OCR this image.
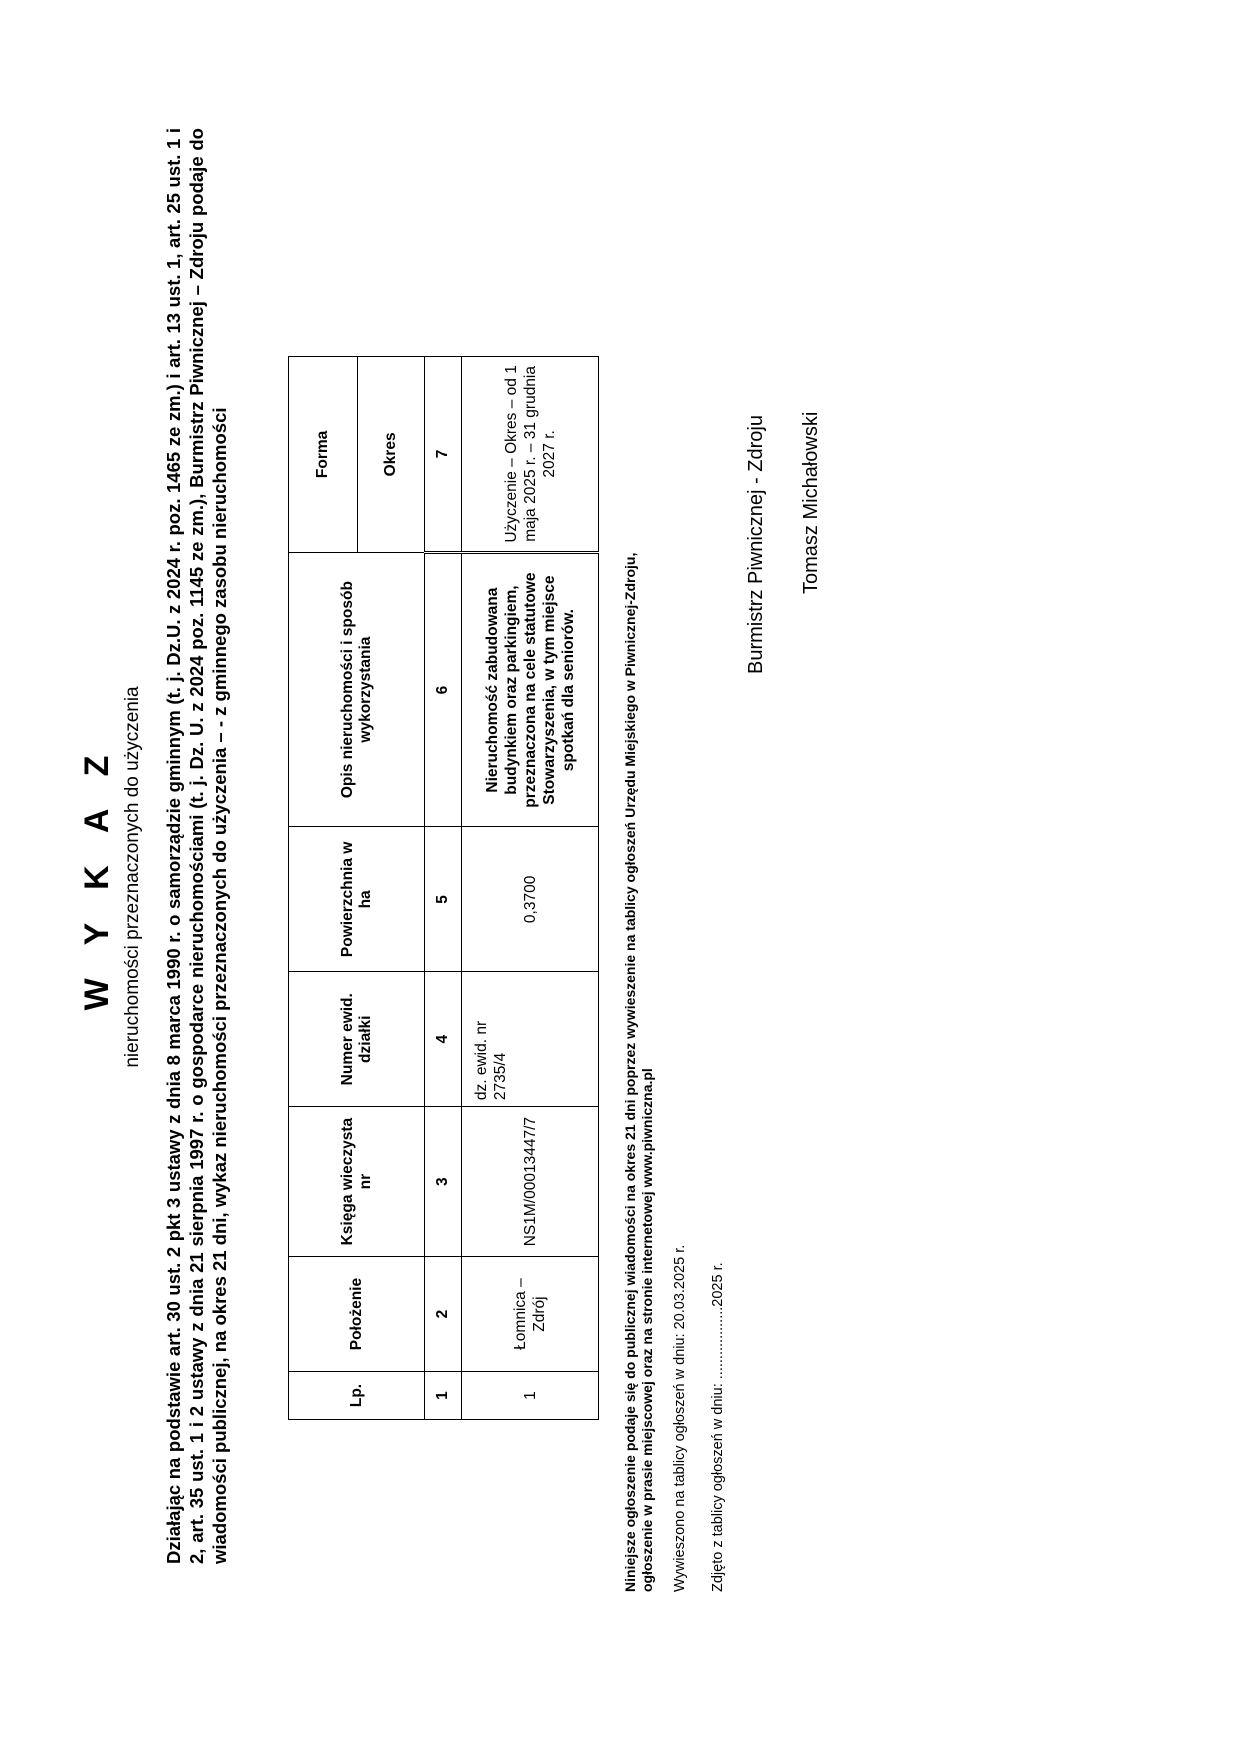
W Y K A Z nieruchomości przeznaczonych do użyczenia Działając na podstawie art. 30 ust. 2 pkt 3 ustawy z dnia 8 marca 1990 r. o samorządzie gminnym (t. j. Dz.U. z 2024 r. poz. 1465 ze zm.) i art. 13 ust. 1, art. 25 ust. 1 i 2, art. 35 ust. 1 i 2 ustawy z dnia 21 sierpnia 1997 r. o gospodarce nieruchomościami (t. j. Dz. U. z 2024 poz. 1145 ze zm.), Burmistrz Piwnicznej – Zdroju podaje do wiadomości publicznej, na okres 21 dni, wykaz nieruchomości przeznaczonych do użyczenia – - z gminnego zasobu nieruchomości	Lp.	Położenie	Księga wieczysta nr	Numer ewid. działki	Powierzchnia w ha	Opis nieruchomości i sposób wykorzystania	Forma
						Okres
1	2	3	4	5	6	7
1	Łomnica – Zdrój	NS1M/00013447/7	dz. ewid. nr 2735/4	0,3700	Nieruchomość zabudowana budynkiem oraz parkingiem, przeznaczona na cele statutowe Stowarzyszenia, w tym miejsce spotkań dla seniorów.	Użyczenie – Okres – od 1 maja 2025 r. – 31 grudnia 2027 r.
Niniejsze ogłoszenie podaje się do publicznej wiadomości na okres 21 dni poprzez wywieszenie na tablicy ogłoszeń Urzędu Miejskiego w Piwnicznej-Zdroju, ogłoszenie w prasie miejscowej oraz na stronie internetowej www.piwniczna.pl Wywieszono na tablicy ogłoszeń w dniu: 20.03.2025 r. Zdjęto z tablicy ogłoszeń w dniu: ..................2025 r.
Burmistrz Piwnicznej - Zdroju Tomasz Michałowski
